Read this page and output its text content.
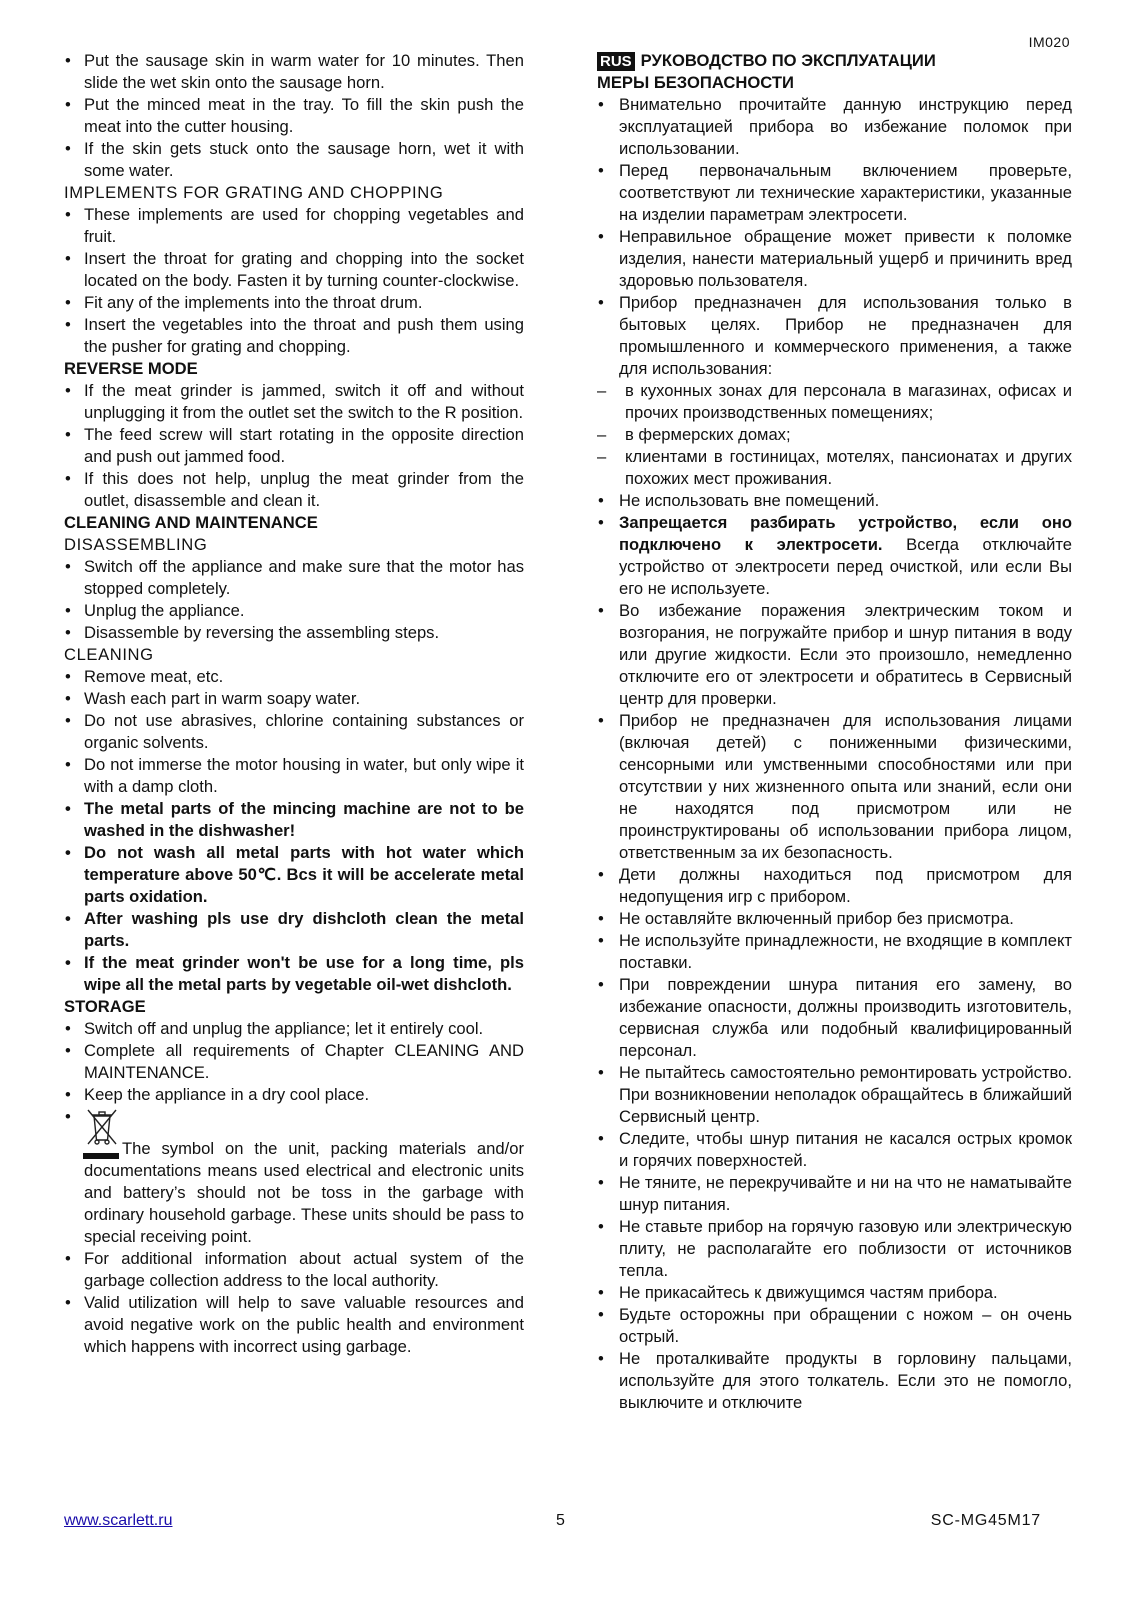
IM020
• Put the sausage skin in warm water for 10 minutes. Then slide the wet skin onto the sausage horn.
• Put the minced meat in the tray. To fill the skin push the meat into the cutter housing.
• If the skin gets stuck onto the sausage horn, wet it with some water.
IMPLEMENTS FOR GRATING AND CHOPPING
• These implements are used for chopping vegetables and fruit.
• Insert the throat for grating and chopping into the socket located on the body. Fasten it by turning counter-clockwise.
• Fit any of the implements into the throat drum.
• Insert the vegetables into the throat and push them using the pusher for grating and chopping.
REVERSE MODE
• If the meat grinder is jammed, switch it off and without unplugging it from the outlet set the switch to the R position.
• The feed screw will start rotating in the opposite direction and push out jammed food.
• If this does not help, unplug the meat grinder from the outlet, disassemble and clean it.
CLEANING AND MAINTENANCE
DISASSEMBLING
• Switch off the appliance and make sure that the motor has stopped completely.
• Unplug the appliance.
• Disassemble by reversing the assembling steps.
CLEANING
• Remove meat, etc.
• Wash each part in warm soapy water.
• Do not use abrasives, chlorine containing substances or organic solvents.
• Do not immerse the motor housing in water, but only wipe it with a damp cloth.
• The metal parts of the mincing machine are not to be washed in the dishwasher!
• Do not wash all metal parts with hot water which temperature above 50℃. Bcs it will be accelerate metal parts oxidation.
• After washing pls use dry dishcloth clean the metal parts.
• If the meat grinder won't be use for a long time, pls wipe all the metal parts by vegetable oil-wet dishcloth.
STORAGE
• Switch off and unplug the appliance; let it entirely cool.
• Complete all requirements of Chapter CLEANING AND MAINTENANCE.
• Keep the appliance in a dry cool place.
• The symbol on the unit, packing materials and/or documentations means used electrical and electronic units and battery’s should not be toss in the garbage with ordinary household garbage. These units should be pass to special receiving point.
• For additional information about actual system of the garbage collection address to the local authority.
• Valid utilization will help to save valuable resources and avoid negative work on the public health and environment which happens with incorrect using garbage.
RUS РУКОВОДСТВО ПО ЭКСПЛУАТАЦИИ
МЕРЫ БЕЗОПАСНОСТИ
• Внимательно прочитайте данную инструкцию перед эксплуатацией прибора во избежание поломок при использовании.
• Перед первоначальным включением проверьте, соответствуют ли технические характеристики, указанные на изделии параметрам электросети.
• Неправильное обращение может привести к поломке изделия, нанести материальный ущерб и причинить вред здоровью пользователя.
• Прибор предназначен для использования только в бытовых целях. Прибор не предназначен для промышленного и коммерческого применения, а также для использования:
– в кухонных зонах для персонала в магазинах, офисах и прочих производственных помещениях;
– в фермерских домах;
– клиентами в гостиницах, мотелях, пансионатах и других похожих мест проживания.
• Не использовать вне помещений.
• Запрещается разбирать устройство, если оно подключено к электросети. Всегда отключайте устройство от электросети перед очисткой, или если Вы его не используете.
• Во избежание поражения электрическим током и возгорания, не погружайте прибор и шнур питания в воду или другие жидкости. Если это произошло, немедленно отключите его от электросети и обратитесь в Сервисный центр для проверки.
• Прибор не предназначен для использования лицами (включая детей) с пониженными физическими, сенсорными или умственными способностями или при отсутствии у них жизненного опыта или знаний, если они не находятся под присмотром или не проинструктированы об использовании прибора лицом, ответственным за их безопасность.
• Дети должны находиться под присмотром для недопущения игр с прибором.
• Не оставляйте включенный прибор без присмотра.
• Не используйте принадлежности, не входящие в комплект поставки.
• При повреждении шнура питания его замену, во избежание опасности, должны производить изготовитель, сервисная служба или подобный квалифицированный персонал.
• Не пытайтесь самостоятельно ремонтировать устройство. При возникновении неполадок обращайтесь в ближайший Сервисный центр.
• Следите, чтобы шнур питания не касался острых кромок и горячих поверхностей.
• Не тяните, не перекручивайте и ни на что не наматывайте шнур питания.
• Не ставьте прибор на горячую газовую или электрическую плиту, не располагайте его поблизости от источников тепла.
• Не прикасайтесь к движущимся частям прибора.
• Будьте осторожны при обращении с ножом – он очень острый.
• Не проталкивайте продукты в горловину пальцами, используйте для этого толкатель. Если это не помогло, выключите и отключите
www.scarlett.ru	5	SC-MG45M17
